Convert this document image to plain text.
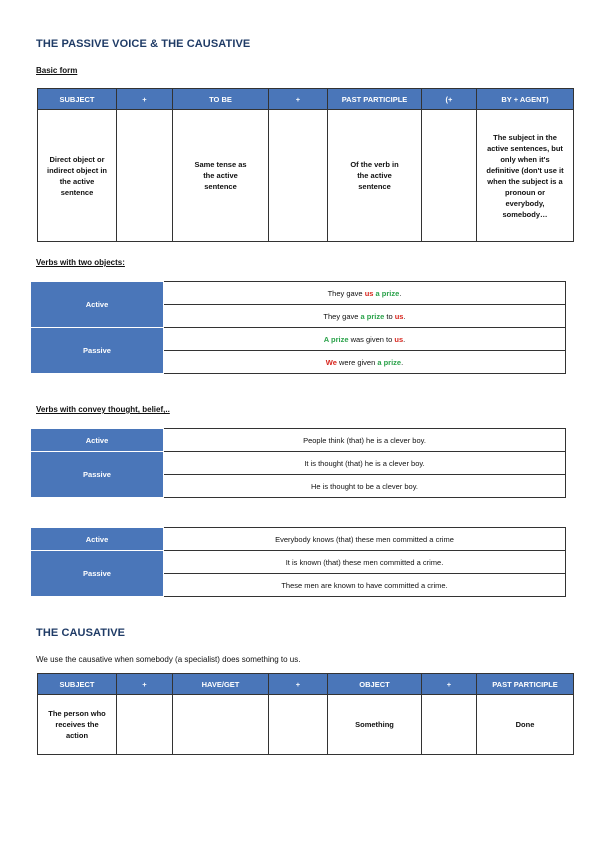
THE PASSIVE VOICE & THE CAUSATIVE
Basic form
SUBJECT	+	TO BE	+	PAST PARTICIPLE	(+	BY + AGENT)
Direct object or indirect object in the active sentence		Same tense as the active sentence		Of the verb in the active sentence		The subject in the active sentences, but only when it's definitive (don't use it when the subject is a pronoun or everybody, somebody…
Verbs with two objects:
Active	They gave us a prize.
	They gave a prize to us.
Passive	A prize was given to us.
	We were given a prize.
Verbs with convey thought, belief,..
Active	People think (that) he is a clever boy.
Passive	It is thought (that) he is a clever boy.
	He is thought to be a clever boy.
Active	Everybody knows (that) these men committed a crime
Passive	It is known (that) these men committed a crime.
	These men are known to have committed a crime.
THE CAUSATIVE
We use the causative when somebody (a specialist) does something to us.
SUBJECT	+	HAVE/GET	+	OBJECT	+	PAST PARTICIPLE
The person who receives the action				Something		Done
